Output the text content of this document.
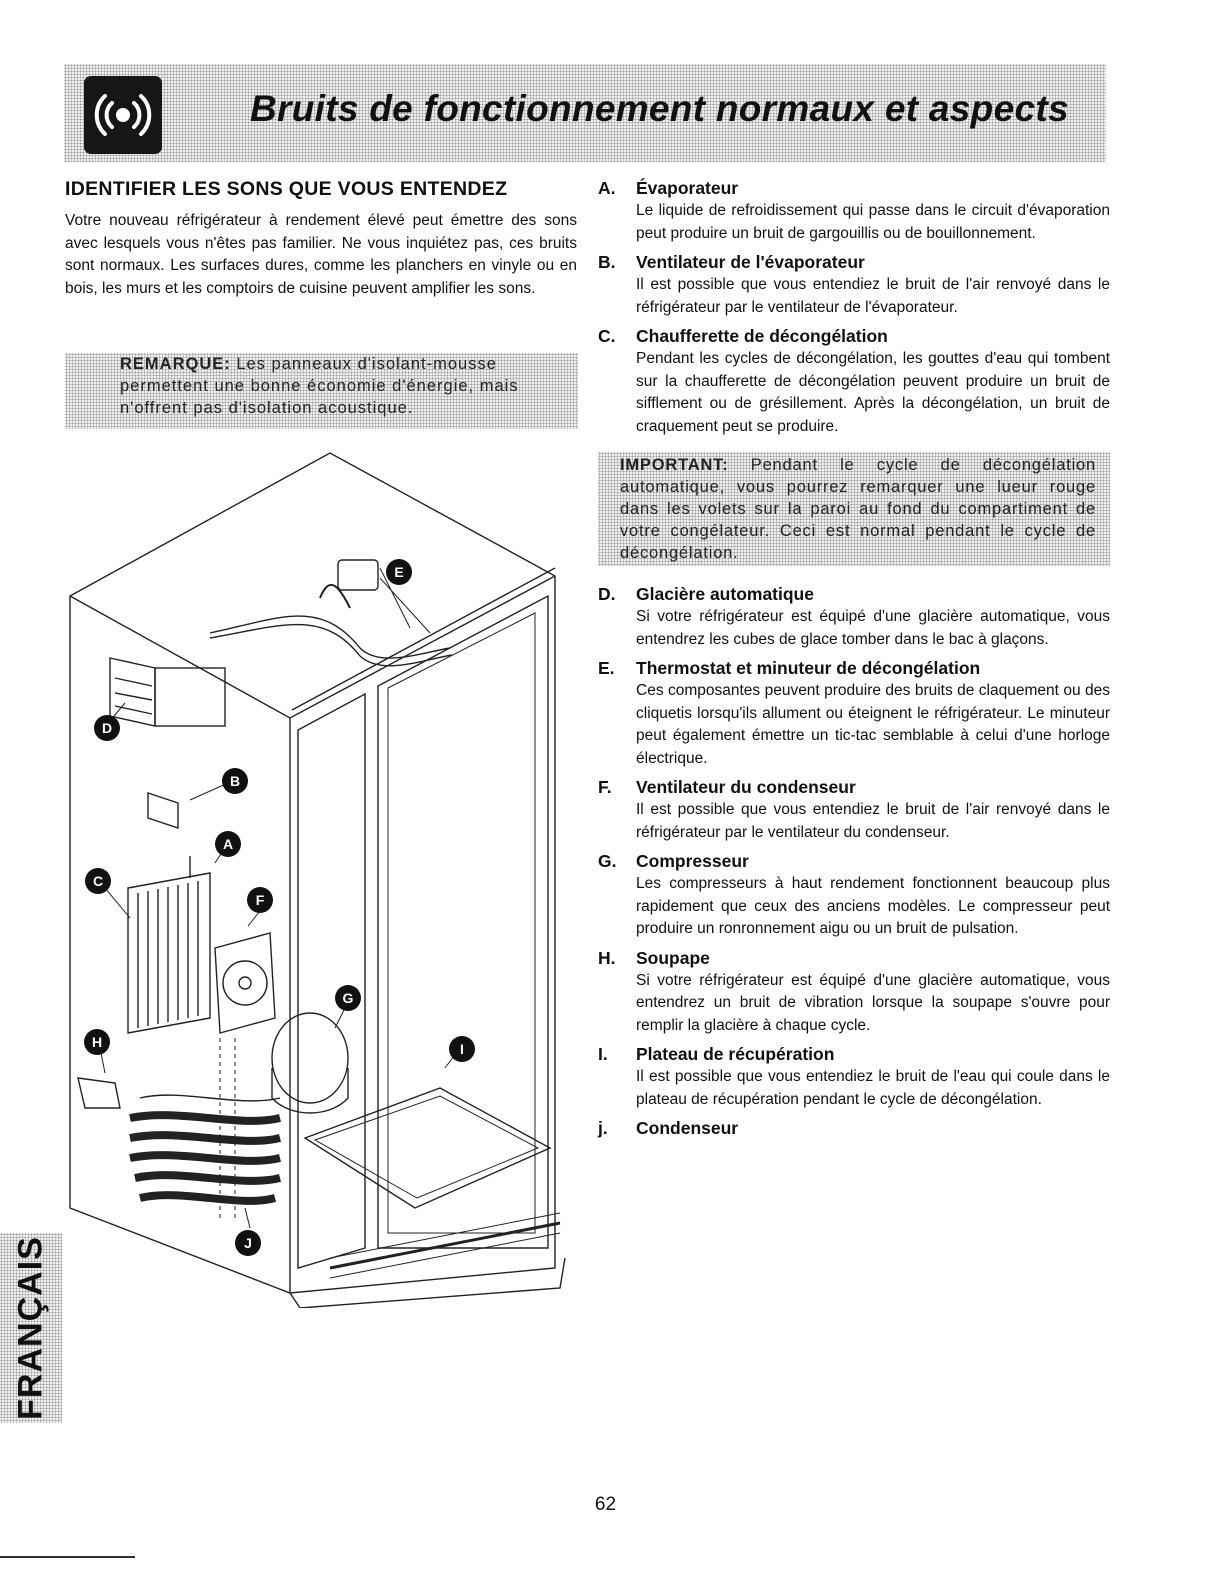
Bruits de fonctionnement normaux et aspects
IDENTIFIER LES SONS QUE VOUS ENTENDEZ

Votre nouveau réfrigérateur à rendement élevé peut émettre des sons avec lesquels vous n'êtes pas familier. Ne vous inquiétez pas, ces bruits sont normaux. Les surfaces dures, comme les planchers en vinyle ou en bois, les murs et les comptoirs de cuisine peuvent amplifier les sons.

REMARQUE: Les panneaux d'isolant-mousse permettent une bonne économie d'énergie, mais n'offrent pas d'isolation acoustique.

E
D
B
A
C
F
G
I
H
J
A. Évaporateur

Le liquide de refroidissement qui passe dans le circuit d'évaporation peut produire un bruit de gargouillis ou de bouillonnement.

B. Ventilateur de l'évaporateur

Il est possible que vous entendiez le bruit de l'air renvoyé dans le réfrigérateur par le ventilateur de l'évaporateur.

C. Chaufferette de décongélation

Pendant les cycles de décongélation, les gouttes d'eau qui tombent sur la chaufferette de décongélation peuvent produire un bruit de sifflement ou de grésillement. Après la décongélation, un bruit de craquement peut se produire.

IMPORTANT: Pendant le cycle de décongélation automatique, vous pourrez remarquer une lueur rouge dans les volets sur la paroi au fond du compartiment de votre congélateur. Ceci est normal pendant le cycle de décongélation.

D. Glacière automatique

Si votre réfrigérateur est équipé d'une glacière automatique, vous entendrez les cubes de glace tomber dans le bac à glaçons.

E. Thermostat et minuteur de décongélation

Ces composantes peuvent produire des bruits de claquement ou des cliquetis lorsqu'ils allument ou éteignent le réfrigérateur. Le minuteur peut également émettre un tic-tac semblable à celui d'une horloge électrique.

F. Ventilateur du condenseur

Il est possible que vous entendiez le bruit de l'air renvoyé dans le réfrigérateur par le ventilateur du condenseur.

G. Compresseur

Les compresseurs à haut rendement fonctionnent beaucoup plus rapidement que ceux des anciens modèles. Le compresseur peut produire un ronronnement aigu ou un bruit de pulsation.

H. Soupape

Si votre réfrigérateur est équipé d'une glacière automatique, vous entendrez un bruit de vibration lorsque la soupape s'ouvre pour remplir la glacière à chaque cycle.

I. Plateau de récupération

Il est possible que vous entendiez le bruit de l'eau qui coule dans le plateau de récupération pendant le cycle de décongélation.

j. Condenseur
FRANÇAIS

62
